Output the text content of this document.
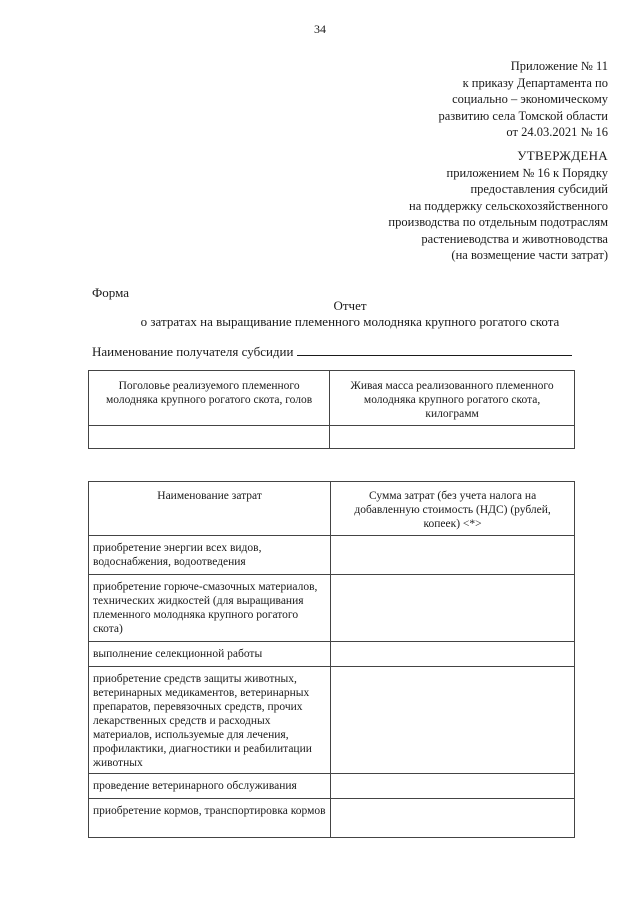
34
Приложение № 11
к приказу Департамента по
социально – экономическому
развитию села Томской области
от 24.03.2021 № 16
УТВЕРЖДЕНА
приложением № 16 к Порядку
предоставления субсидий
на поддержку сельскохозяйственного
производства по отдельным подотраслям
растениеводства и животноводства
(на возмещение части затрат)
Форма
Отчет
о затратах на выращивание племенного молодняка крупного рогатого скота
Наименование получателя субсидии
Поголовье реализуемого племенного молодняка крупного рогатого скота, голов	Живая масса реализованного племенного молодняка крупного рогатого скота, килограмм

Наименование затрат	Сумма затрат (без учета налога на добавленную стоимость (НДС) (рублей, копеек) <*>
приобретение энергии всех видов, водоснабжения, водоотведения	
приобретение горюче-смазочных материалов, технических жидкостей (для выращивания племенного молодняка крупного рогатого скота)	
выполнение селекционной работы	
приобретение средств защиты животных, ветеринарных медикаментов, ветеринарных препаратов, перевязочных средств, прочих лекарственных средств и расходных материалов, используемые для лечения, профилактики, диагностики и реабилитации животных	
проведение ветеринарного обслуживания	
приобретение кормов, транспортировка кормов	
